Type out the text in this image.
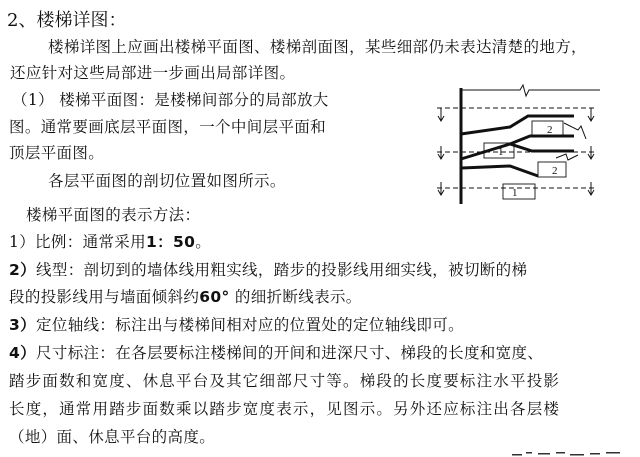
2、楼梯详图：
楼梯详图上应画出楼梯平面图、楼梯剖面图，某些细部仍未表达清楚的地方，
还应针对这些局部进一步画出局部详图。
（1） 楼梯平面图：是楼梯间部分的局部放大
图。通常要画底层平面图，一个中间层平面和
顶层平面图。
各层平面图的剖切位置如图所示。
2
1
2
1
楼梯平面图的表示方法：
1）比例：通常采用1：50。
2）线型：剖切到的墙体线用粗实线，踏步的投影线用细实线，被切断的梯
段的投影线用与墙面倾斜约60° 的细折断线表示。
3）定位轴线：标注出与楼梯间相对应的位置处的定位轴线即可。
4）尺寸标注：在各层要标注楼梯间的开间和进深尺寸、梯段的长度和宽度、
踏步面数和宽度、休息平台及其它细部尺寸等。梯段的长度要标注水平投影
长度，通常用踏步面数乘以踏步宽度表示，见图示。另外还应标注出各层楼
（地）面、休息平台的高度。
